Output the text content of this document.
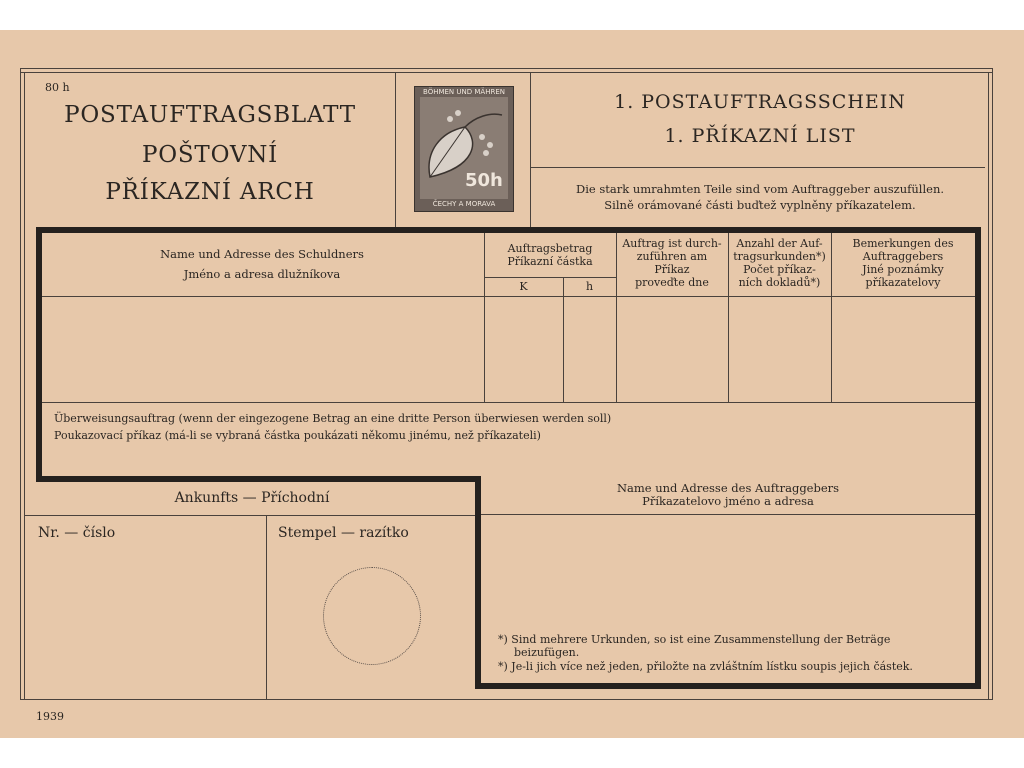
80 h
POSTAUFTRAGSBLATT
POŠTOVNÍ
PŘÍKAZNÍ ARCH
1. POSTAUFTRAGSSCHEIN
1. PŘÍKAZNÍ LIST
Die stark umrahmten Teile sind vom Auftraggeber auszufüllen.
Silně orámované části buďtež vyplněny příkazatelem.
BÖHMEN UND MÄHREN
50h
ČECHY A MORAVA
Name und Adresse des Schuldners
Jméno a adresa dlužníkova
Auftragsbetrag
Příkazní částka
K	h
Auftrag ist durch-
zuführen am
Příkaz
proveďte dne
Anzahl der Auf-
tragsurkunden*)
Počet příkaz-
ních dokladů*)
Bemerkungen des
Auftraggebers
Jiné poznámky
příkazatelovy
Überweisungsauftrag (wenn der eingezogene Betrag an eine dritte Person überwiesen werden soll)
Poukazovací příkaz (má-li se vybraná částka poukázati někomu jinému, než příkazateli)
Ankunfts — Příchodní
Nr. — číslo	Stempel — razítko
Name und Adresse des Auftraggebers
Příkazatelovo jméno a adresa
*) Sind mehrere Urkunden, so ist eine Zusammenstellung der Beträge
beizufügen.
*) Je-li jich více než jeden, přiložte na zvláštním lístku soupis jejich částek.
1939
